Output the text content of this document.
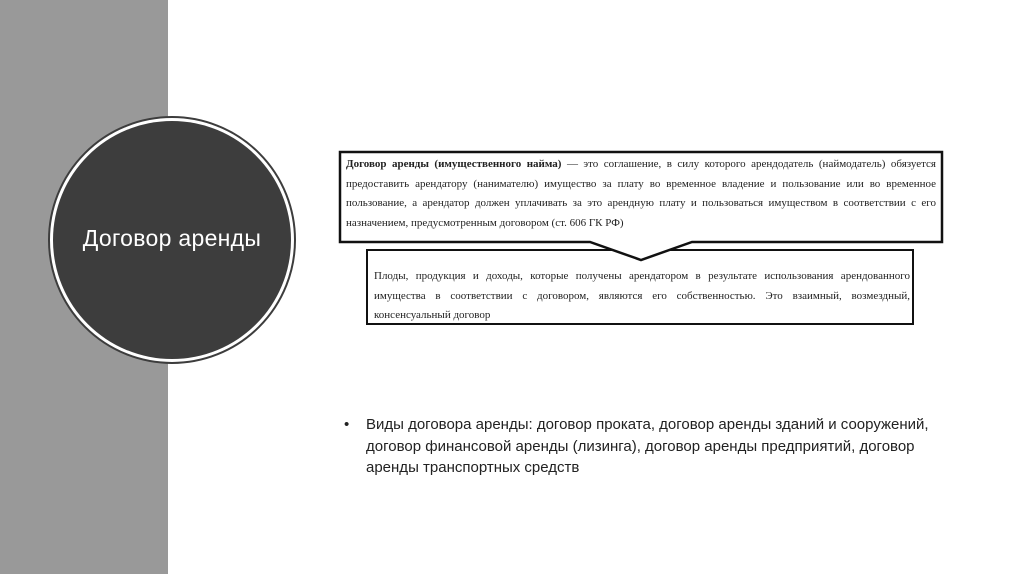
Договор аренды
Договор аренды (имущественного найма) — это соглашение, в силу которого арендодатель (наймодатель) обязуется предоставить арендатору (нанимателю) имущество за плату во временное владение и пользование или во временное пользование, а арендатор должен уплачивать за это арендную плату и пользоваться имуществом в соответствии с его назначением, предусмотренным договором (ст. 606 ГК РФ)
Плоды, продукция и доходы, которые получены арендатором в результате использования арендованного имущества в соответствии с договором, являются его собственностью. Это взаимный, возмездный, консенсуальный договор
• Виды договора аренды: договор проката, договор аренды зданий и сооружений, договор финансовой аренды (лизинга), договор аренды предприятий, договор аренды транспортных средств
